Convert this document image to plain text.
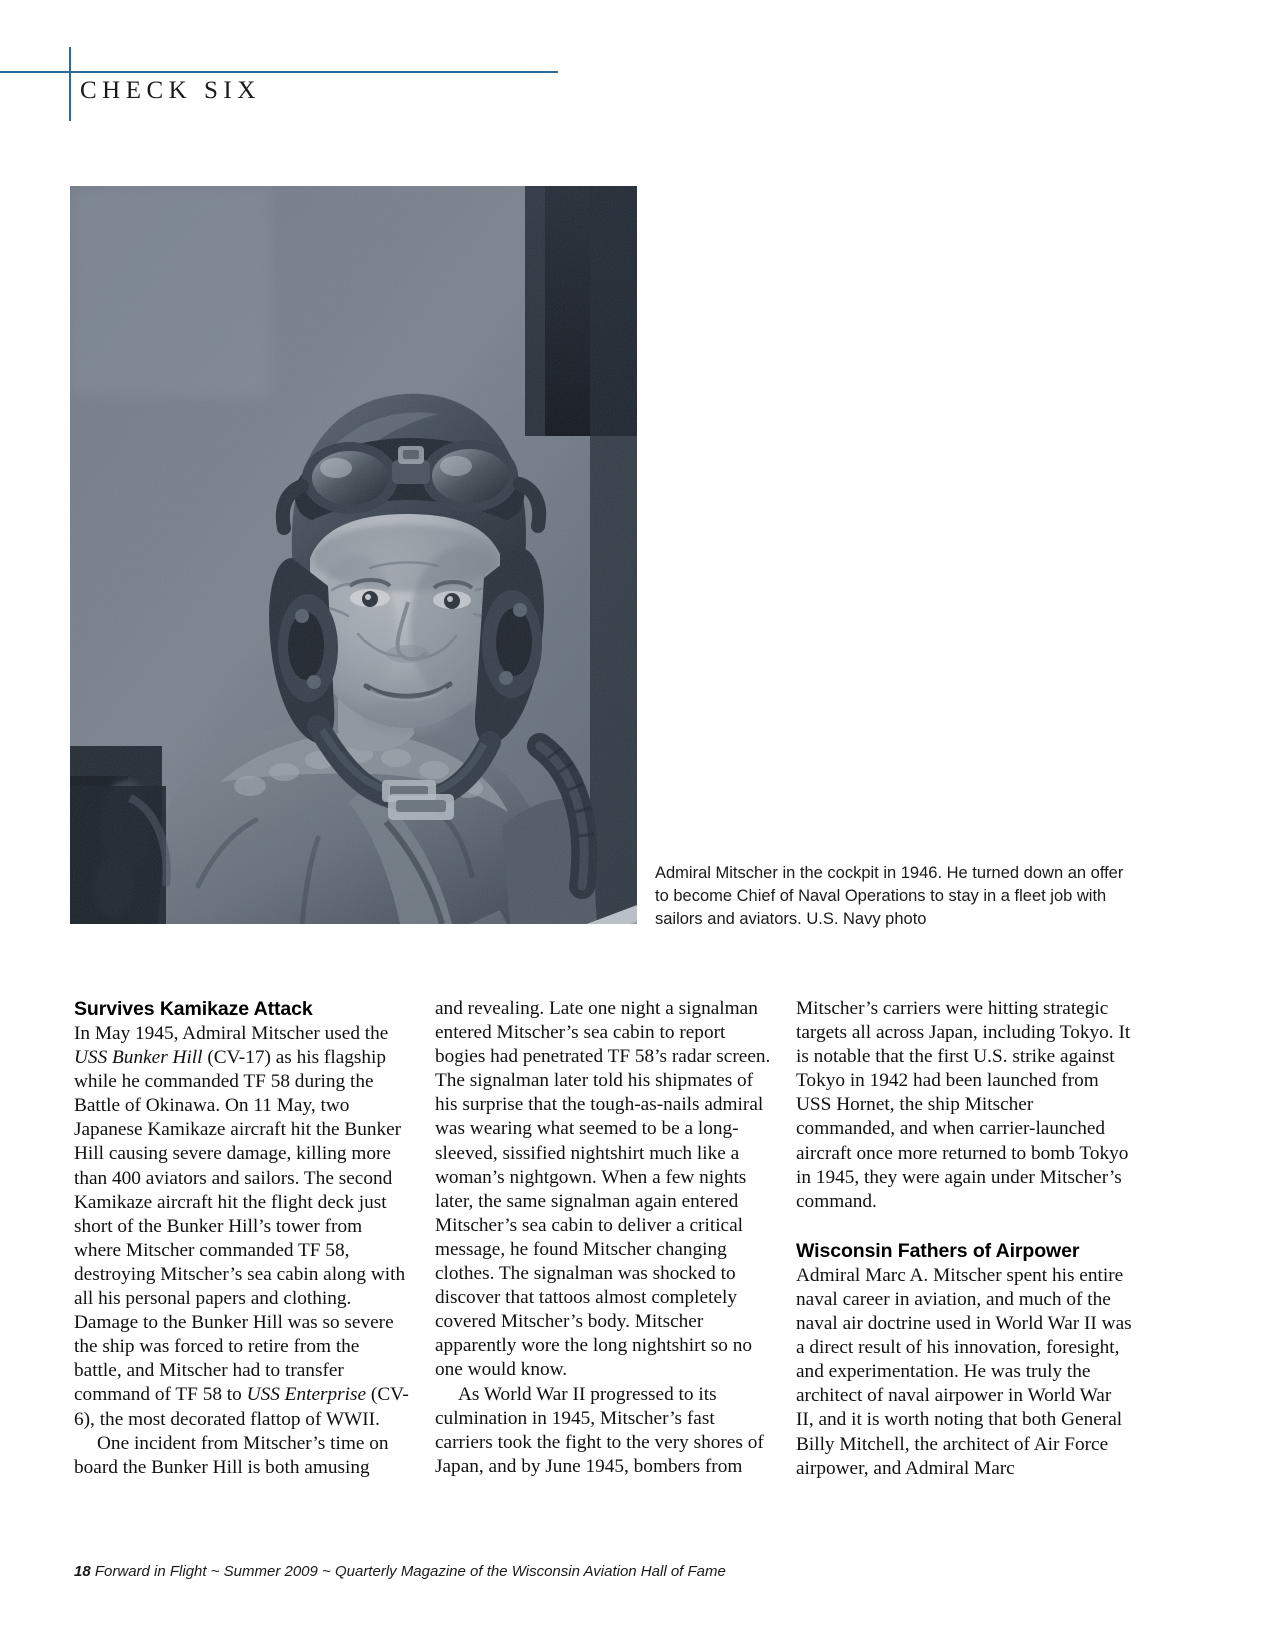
CHECK SIX
Admiral Mitscher in the cockpit in 1946. He turned down an offer to become Chief of Naval Operations to stay in a fleet job with sailors and aviators. U.S. Navy photo
Survives Kamikaze Attack

In May 1945, Admiral Mitscher used the USS Bunker Hill (CV-17) as his flagship while he commanded TF 58 during the Battle of Okinawa. On 11 May, two Japanese Kamikaze aircraft hit the Bunker Hill causing severe damage, killing more than 400 aviators and sailors. The second Kamikaze aircraft hit the flight deck just short of the Bunker Hill’s tower from where Mitscher commanded TF 58, destroying Mitscher’s sea cabin along with all his personal papers and clothing. Damage to the Bunker Hill was so severe the ship was forced to retire from the battle, and Mitscher had to transfer command of TF 58 to USS Enterprise (CV-6), the most decorated flattop of WWII.

One incident from Mitscher’s time on board the Bunker Hill is both amusing

and revealing. Late one night a signalman entered Mitscher’s sea cabin to report bogies had penetrated TF 58’s radar screen. The signalman later told his shipmates of his surprise that the tough-as-nails admiral was wearing what seemed to be a long-sleeved, sissified nightshirt much like a woman’s nightgown. When a few nights later, the same signalman again entered Mitscher’s sea cabin to deliver a critical message, he found Mitscher changing clothes. The signalman was shocked to discover that tattoos almost completely covered Mitscher’s body. Mitscher apparently wore the long nightshirt so no one would know.

As World War II progressed to its culmination in 1945, Mitscher’s fast carriers took the fight to the very shores of Japan, and by June 1945, bombers from

Mitscher’s carriers were hitting strategic targets all across Japan, including Tokyo. It is notable that the first U.S. strike against Tokyo in 1942 had been launched from USS Hornet, the ship Mitscher commanded, and when carrier-launched aircraft once more returned to bomb Tokyo in 1945, they were again under Mitscher’s command.

Wisconsin Fathers of Airpower

Admiral Marc A. Mitscher spent his entire naval career in aviation, and much of the naval air doctrine used in World War II was a direct result of his innovation, foresight, and experimentation. He was truly the architect of naval airpower in World War II, and it is worth noting that both General Billy Mitchell, the architect of Air Force airpower, and Admiral Marc

18 Forward in Flight ~ Summer 2009 ~ Quarterly Magazine of the Wisconsin Aviation Hall of Fame
